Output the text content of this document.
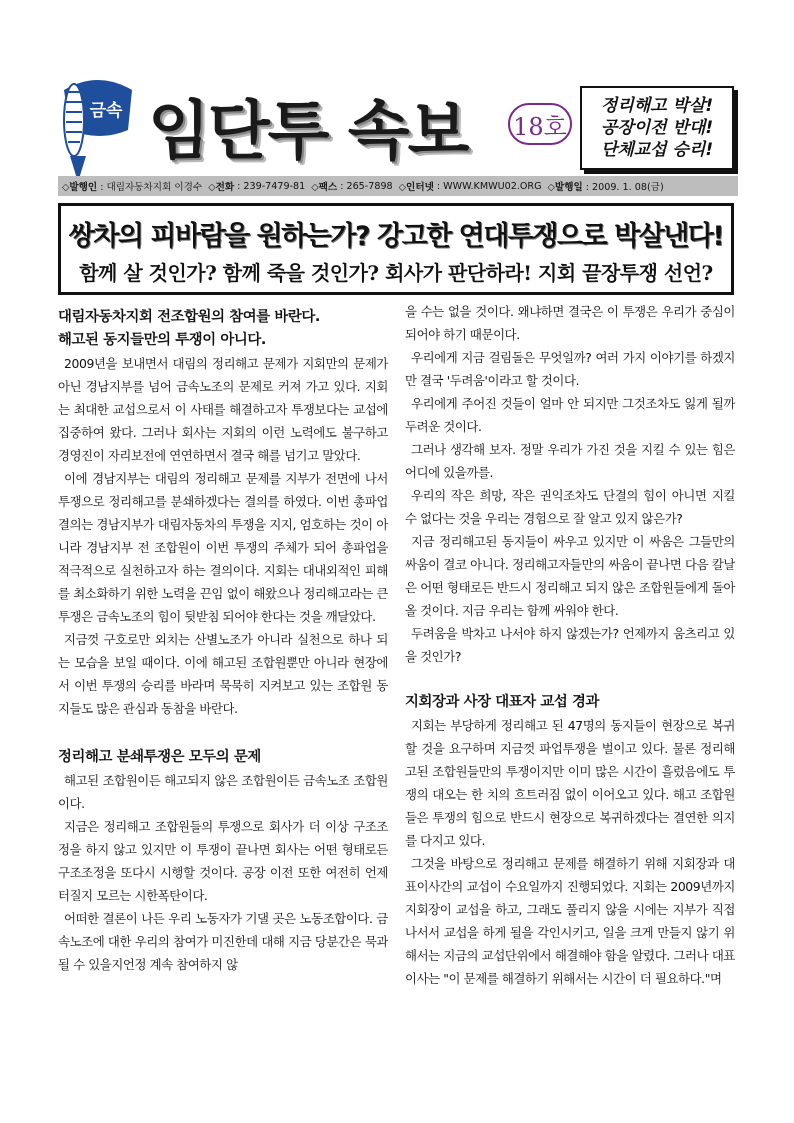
금속 임단투 속보 18호
정리해고 박살!
공장이전 반대!
단체교섭 승리!
◇발행인 : 대림자동차지회 이경수 ◇전화 : 239-7479-81 ◇팩스 : 265-7898 ◇인터넷 : WWW.KMWU02.ORG ◇발행일 : 2009. 1. 08(금)
쌍차의 피바람을 원하는가? 강고한 연대투쟁으로 박살낸다!
함께 살 것인가? 함께 죽을 것인가? 회사가 판단하라! 지회 끝장투쟁 선언?
대림자동차지회 전조합원의 참여를 바란다.
해고된 동지들만의 투쟁이 아니다.

2009년을 보내면서 대림의 정리해고 문제가 지회만의 문제가 아닌 경남지부를 넘어 금속노조의 문제로 커져 가고 있다. 지회는 최대한 교섭으로서 이 사태를 해결하고자 투쟁보다는 교섭에 집중하여 왔다. 그러나 회사는 지회의 이런 노력에도 불구하고 경영진이 자리보전에 연연하면서 결국 해를 넘기고 말았다.

이에 경남지부는 대림의 정리해고 문제를 지부가 전면에 나서 투쟁으로 정리해고를 분쇄하겠다는 결의를 하였다. 이번 총파업 결의는 경남지부가 대림자동차의 투쟁을 지지, 엄호하는 것이 아니라 경남지부 전 조합원이 이번 투쟁의 주체가 되어 총파업을 적극적으로 실천하고자 하는 결의이다. 지회는 대내외적인 피해를 최소화하기 위한 노력을 끈임 없이 해왔으나 정리해고라는 큰 투쟁은 금속노조의 힘이 뒷받침 되어야 한다는 것을 깨달았다.

지금껏 구호로만 외치는 산별노조가 아니라 실천으로 하나 되는 모습을 보일 때이다. 이에 해고된 조합원뿐만 아니라 현장에서 이번 투쟁의 승리를 바라며 묵묵히 지켜보고 있는 조합원 동지들도 많은 관심과 동참을 바란다.

정리해고 분쇄투쟁은 모두의 문제

해고된 조합원이든 해고되지 않은 조합원이든 금속노조 조합원이다.

지금은 정리해고 조합원들의 투쟁으로 회사가 더 이상 구조조정을 하지 않고 있지만 이 투쟁이 끝나면 회사는 어떤 형태로든 구조조정을 또다시 시행할 것이다. 공장 이전 또한 여전히 언제 터질지 모르는 시한폭탄이다.

어떠한 결론이 나든 우리 노동자가 기댈 곳은 노동조합이다. 금속노조에 대한 우리의 참여가 미진한데 대해 지금 당분간은 묵과될 수 있을지언정 계속 참여하지 않

을 수는 없을 것이다. 왜냐하면 결국은 이 투쟁은 우리가 중심이 되어야 하기 때문이다.

우리에게 지금 걸림돌은 무엇일까? 여러 가지 이야기를 하겠지만 결국 '두려움'이라고 할 것이다.

우리에게 주어진 것들이 얼마 안 되지만 그것조차도 잃게 될까 두려운 것이다.

그러나 생각해 보자. 정말 우리가 가진 것을 지킬 수 있는 힘은 어디에 있을까를.

우리의 작은 희망, 작은 권익조차도 단결의 힘이 아니면 지킬 수 없다는 것을 우리는 경험으로 잘 알고 있지 않은가?

지금 정리해고된 동지들이 싸우고 있지만 이 싸움은 그들만의 싸움이 결코 아니다. 정리해고자들만의 싸움이 끝나면 다음 칼날은 어떤 형태로든 반드시 정리해고 되지 않은 조합원들에게 돌아 올 것이다. 지금 우리는 함께 싸워야 한다.

두려움을 박차고 나서야 하지 않겠는가? 언제까지 움츠리고 있을 것인가?

지회장과 사장 대표자 교섭 경과

지회는 부당하게 정리해고 된 47명의 동지들이 현장으로 복귀할 것을 요구하며 지금껏 파업투쟁을 벌이고 있다. 물론 정리해고된 조합원들만의 투쟁이지만 이미 많은 시간이 흘렀음에도 투쟁의 대오는 한 치의 흐트러짐 없이 이어오고 있다. 해고 조합원들은 투쟁의 힘으로 반드시 현장으로 복귀하겠다는 결연한 의지를 다지고 있다.

그것을 바탕으로 정리해고 문제를 해결하기 위해 지회장과 대표이사간의 교섭이 수요일까지 진행되었다. 지회는 2009년까지 지회장이 교섭을 하고, 그래도 풀리지 않을 시에는 지부가 직접 나서서 교섭을 하게 될을 각인시키고, 일을 크게 만들지 않기 위해서는 지금의 교섭단위에서 해결해야 함을 알렸다. 그러나 대표이사는 "이 문제를 해결하기 위해서는 시간이 더 필요하다."며
